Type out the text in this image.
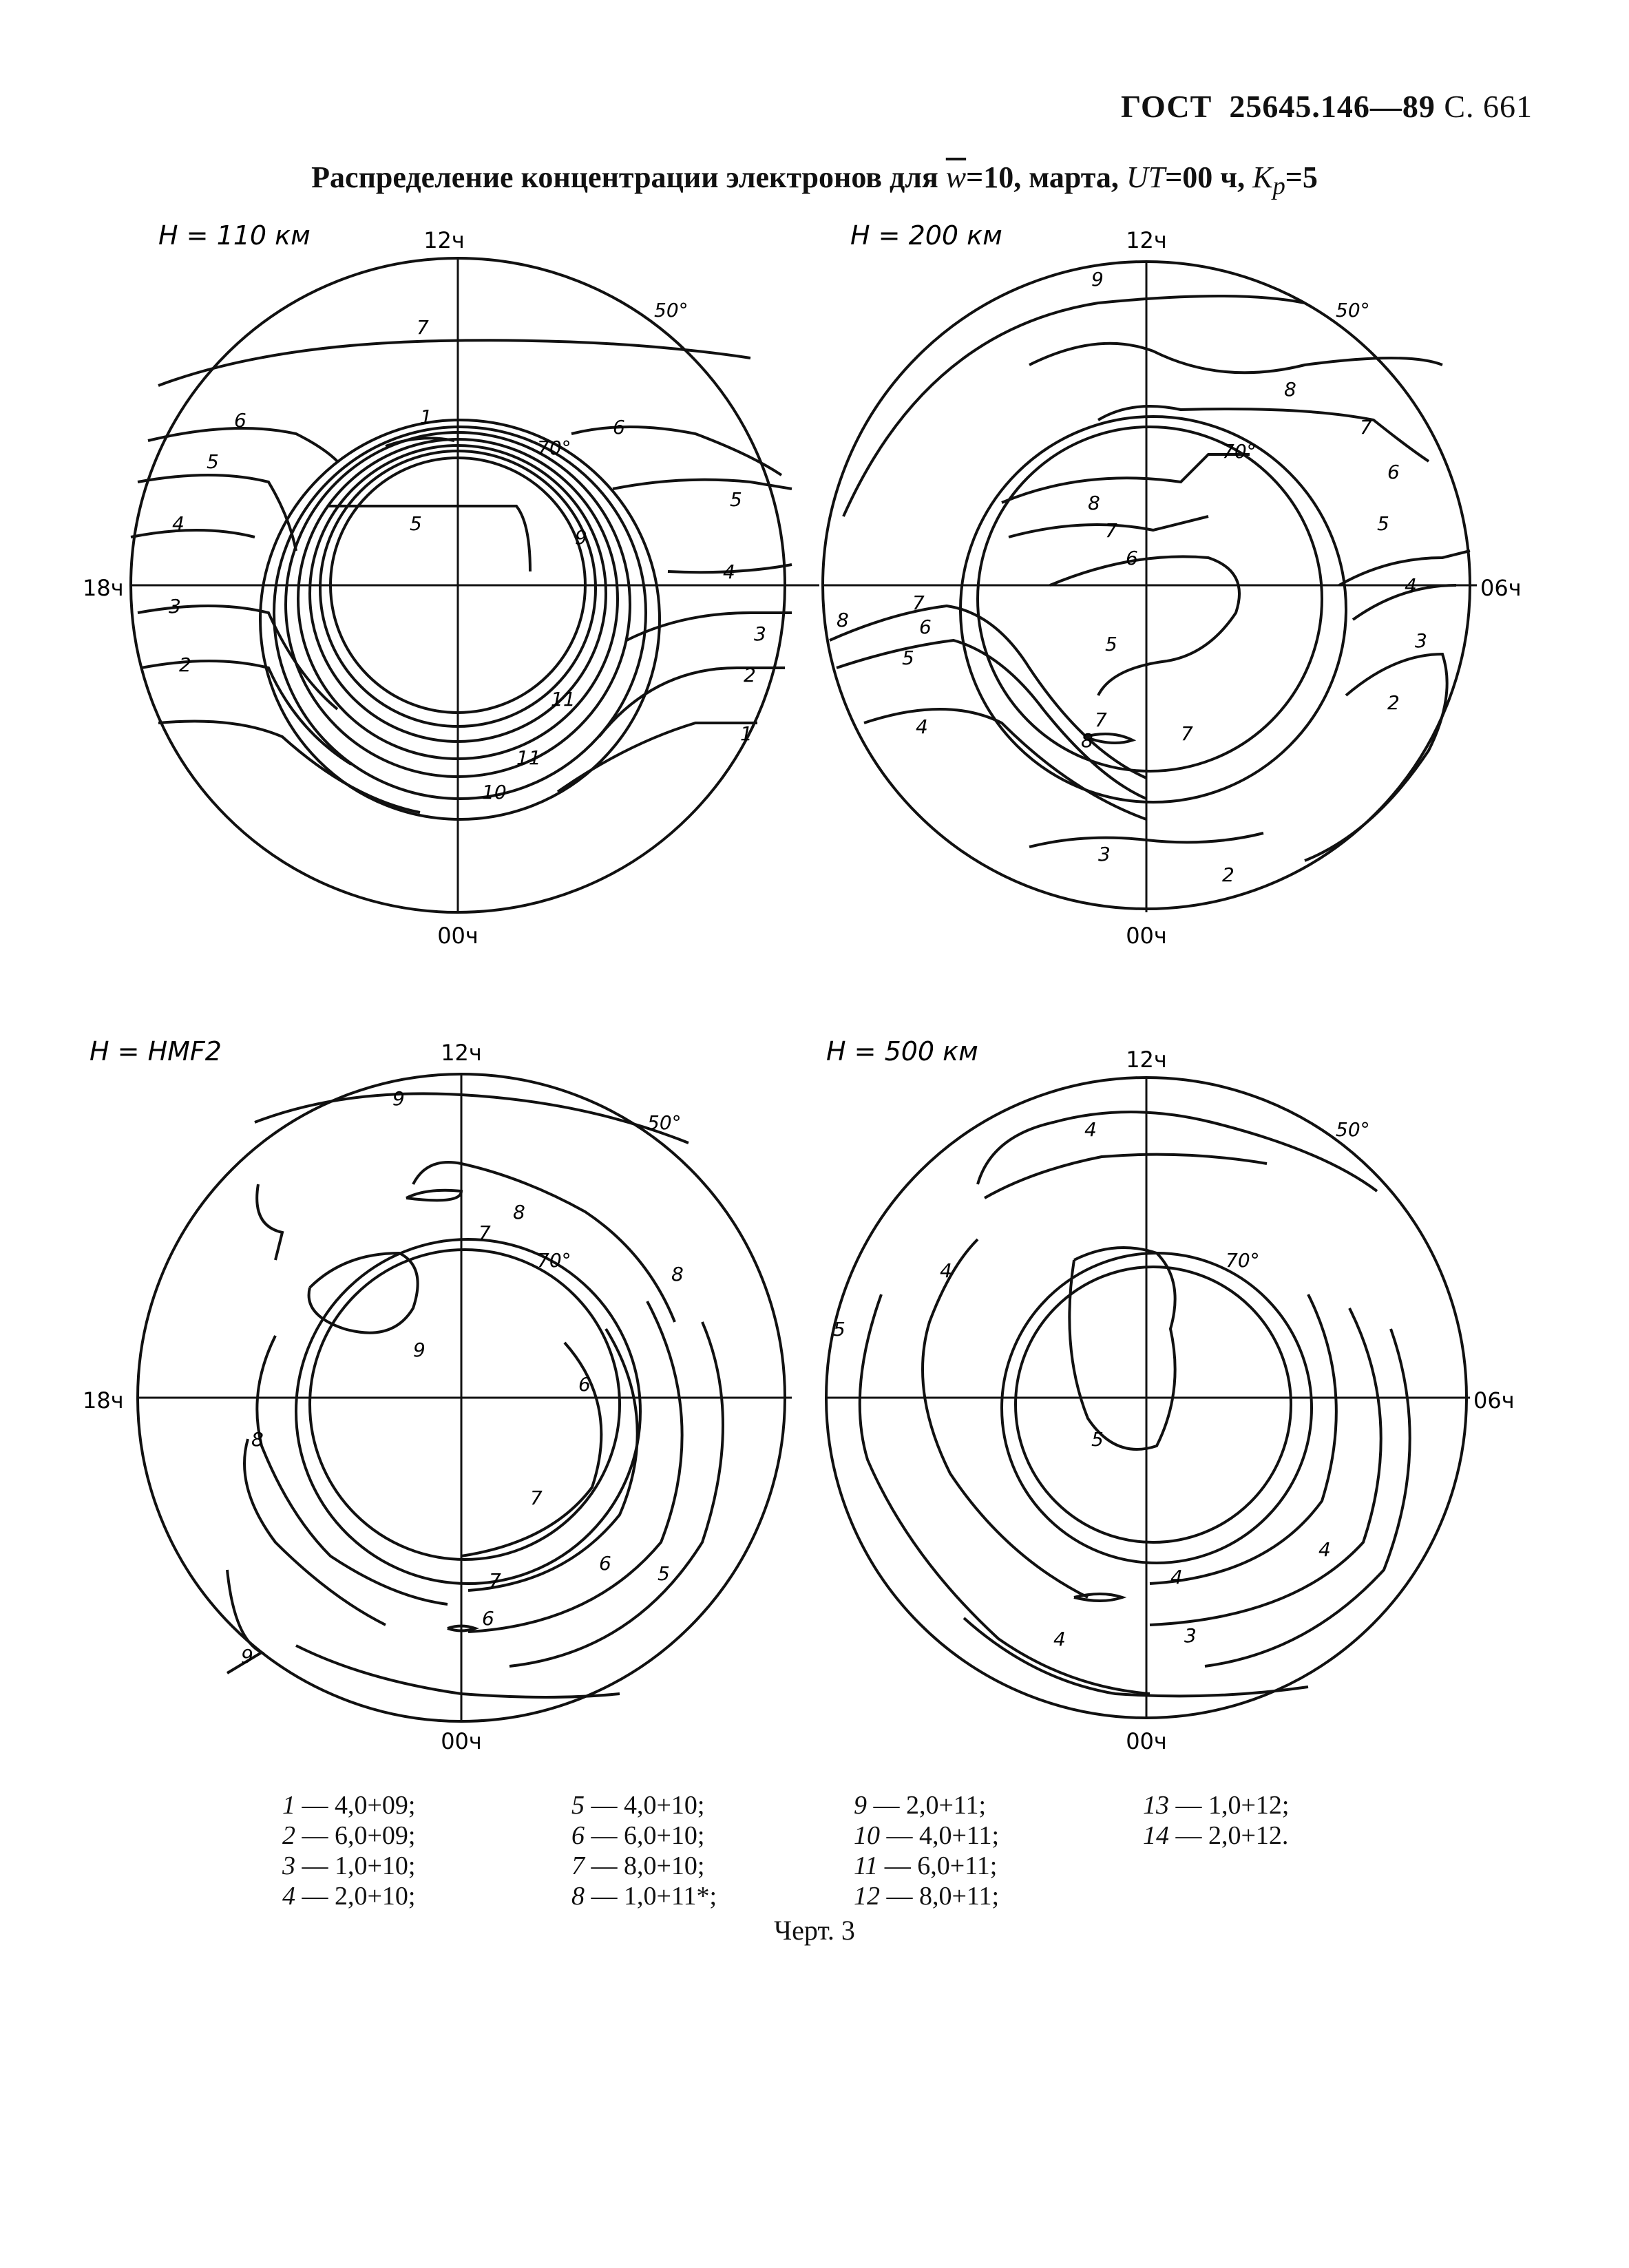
ГОСТ 25645.146—89 С. 661
Распределение концентрации электронов для $\overline{w}=10$, марта, UT=00 ч, $K_p=5$
H = 110 км	12ч
18ч
00ч
50°
70°
7
6
5
4
3
2
1	6
5
9
4
3
2
1
5
11
11
10
H = 200 км	12ч
06ч
00ч
50°
70°
9
8
7
6
5
4
3
2
8
7
6
5
4
8
7
6
5
7
8	7
3
2
H = HMF2	12ч
18ч
00ч
50°
70°
9
8
7
8
9
6
8
7
7
6 5
6
9
H = 500 км	12ч
06ч
00ч
50°
70°
4
4
5
5
4
4
4	3
1 — 4,0+09;
2 — 6,0+09;
3 — 1,0+10;
4 — 2,0+10;
5 — 4,0+10;
6 — 6,0+10;
7 — 8,0+10;
8 — 1,0+11*;
9 — 2,0+11;
10 — 4,0+11;
11 — 6,0+11;
12 — 8,0+11;
13 — 1,0+12;
14 — 2,0+12.
Черт. 3
